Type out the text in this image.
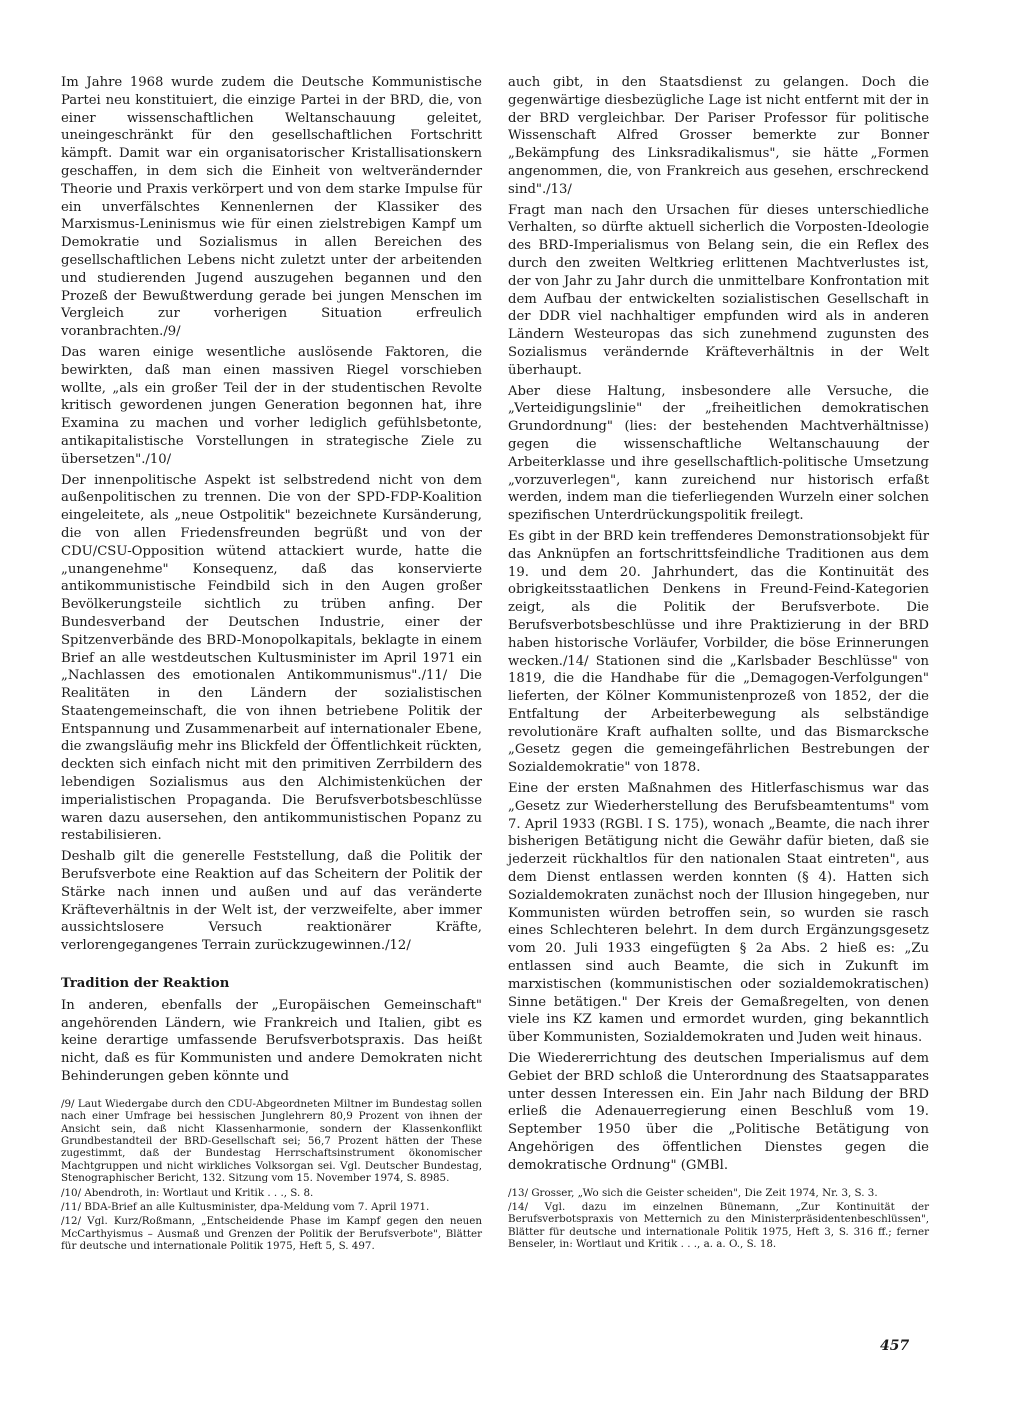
Im Jahre 1968 wurde zudem die Deutsche Kommunistische Partei neu konstituiert, die einzige Partei in der BRD, die, von einer wissenschaftlichen Weltanschauung geleitet, uneingeschränkt für den gesellschaftlichen Fortschritt kämpft. Damit war ein organisatorischer Kristallisationskern geschaffen, in dem sich die Einheit von weltverändernder Theorie und Praxis verkörpert und von dem starke Impulse für ein unverfälschtes Kennenlernen der Klassiker des Marxismus-Leninismus wie für einen zielstrebigen Kampf um Demokratie und Sozialismus in allen Bereichen des gesellschaftlichen Lebens nicht zuletzt unter der arbeitenden und studierenden Jugend auszugehen begannen und den Prozeß der Bewußtwerdung gerade bei jungen Menschen im Vergleich zur vorherigen Situation erfreulich voranbrachten./9/

Das waren einige wesentliche auslösende Faktoren, die bewirkten, daß man einen massiven Riegel vorschieben wollte, „als ein großer Teil der in der studentischen Revolte kritisch gewordenen jungen Generation begonnen hat, ihre Examina zu machen und vorher lediglich gefühlsbetonte, antikapitalistische Vorstellungen in strategische Ziele zu übersetzen"./10/

Der innenpolitische Aspekt ist selbstredend nicht von dem außenpolitischen zu trennen. Die von der SPD-FDP-Koalition eingeleitete, als „neue Ostpolitik" bezeichnete Kursänderung, die von allen Friedensfreunden begrüßt und von der CDU/CSU-Opposition wütend attackiert wurde, hatte die „unangenehme" Konsequenz, daß das konservierte antikommunistische Feindbild sich in den Augen großer Bevölkerungsteile sichtlich zu trüben anfing. Der Bundesverband der Deutschen Industrie, einer der Spitzenverbände des BRD-Monopolkapitals, beklagte in einem Brief an alle westdeutschen Kultusminister im April 1971 ein „Nachlassen des emotionalen Antikommunismus"./11/ Die Realitäten in den Ländern der sozialistischen Staatengemeinschaft, die von ihnen betriebene Politik der Entspannung und Zusammenarbeit auf internationaler Ebene, die zwangsläufig mehr ins Blickfeld der Öffentlichkeit rückten, deckten sich einfach nicht mit den primitiven Zerrbildern des lebendigen Sozialismus aus den Alchimistenküchen der imperialistischen Propaganda. Die Berufsverbotsbeschlüsse waren dazu ausersehen, den antikommunistischen Popanz zu restabilisieren.

Deshalb gilt die generelle Feststellung, daß die Politik der Berufsverbote eine Reaktion auf das Scheitern der Politik der Stärke nach innen und außen und auf das veränderte Kräfteverhältnis in der Welt ist, der verzweifelte, aber immer aussichtslosere Versuch reaktionärer Kräfte, verlorengegangenes Terrain zurückzugewinnen./12/

Tradition der Reaktion

In anderen, ebenfalls der „Europäischen Gemeinschaft" angehörenden Ländern, wie Frankreich und Italien, gibt es keine derartige umfassende Berufsverbotspraxis. Das heißt nicht, daß es für Kommunisten und andere Demokraten nicht Behinderungen geben könnte und

/9/ Laut Wiedergabe durch den CDU-Abgeordneten Miltner im Bundestag sollen nach einer Umfrage bei hessischen Junglehrern 80,9 Prozent von ihnen der Ansicht sein, daß nicht Klassenharmonie, sondern der Klassenkonflikt Grundbestandteil der BRD-Gesellschaft sei; 56,7 Prozent hätten der These zugestimmt, daß der Bundestag Herrschaftsinstrument ökonomischer Machtgruppen und nicht wirkliches Volksorgan sei. Vgl. Deutscher Bundestag, Stenographischer Bericht, 132. Sitzung vom 15. November 1974, S. 8985.

/10/ Abendroth, in: Wortlaut und Kritik . . ., S. 8.

/11/ BDA-Brief an alle Kultusminister, dpa-Meldung vom 7. April 1971.

/12/ Vgl. Kurz/Roßmann, „Entscheidende Phase im Kampf gegen den neuen McCarthyismus – Ausmaß und Grenzen der Politik der Berufsverbote", Blätter für deutsche und internationale Politik 1975, Heft 5, S. 497.

auch gibt, in den Staatsdienst zu gelangen. Doch die gegenwärtige diesbezügliche Lage ist nicht entfernt mit der in der BRD vergleichbar. Der Pariser Professor für politische Wissenschaft Alfred Grosser bemerkte zur Bonner „Bekämpfung des Linksradikalismus", sie hätte „Formen angenommen, die, von Frankreich aus gesehen, erschreckend sind"./13/

Fragt man nach den Ursachen für dieses unterschiedliche Verhalten, so dürfte aktuell sicherlich die Vorposten-Ideologie des BRD-Imperialismus von Belang sein, die ein Reflex des durch den zweiten Weltkrieg erlittenen Machtverlustes ist, der von Jahr zu Jahr durch die unmittelbare Konfrontation mit dem Aufbau der entwickelten sozialistischen Gesellschaft in der DDR viel nachhaltiger empfunden wird als in anderen Ländern Westeuropas das sich zunehmend zugunsten des Sozialismus verändernde Kräfteverhältnis in der Welt überhaupt.

Aber diese Haltung, insbesondere alle Versuche, die „Verteidigungslinie" der „freiheitlichen demokratischen Grundordnung" (lies: der bestehenden Machtverhältnisse) gegen die wissenschaftliche Weltanschauung der Arbeiterklasse und ihre gesellschaftlich-politische Umsetzung „vorzuverlegen", kann zureichend nur historisch erfaßt werden, indem man die tieferliegenden Wurzeln einer solchen spezifischen Unterdrückungspolitik freilegt.

Es gibt in der BRD kein treffenderes Demonstrationsobjekt für das Anknüpfen an fortschrittsfeindliche Traditionen aus dem 19. und dem 20. Jahrhundert, das die Kontinuität des obrigkeitsstaatlichen Denkens in Freund-Feind-Kategorien zeigt, als die Politik der Berufsverbote. Die Berufsverbotsbeschlüsse und ihre Praktizierung in der BRD haben historische Vorläufer, Vorbilder, die böse Erinnerungen wecken./14/ Stationen sind die „Karlsbader Beschlüsse" von 1819, die die Handhabe für die „Demagogen-Verfolgungen" lieferten, der Kölner Kommunistenprozeß von 1852, der die Entfaltung der Arbeiterbewegung als selbständige revolutionäre Kraft aufhalten sollte, und das Bismarcksche „Gesetz gegen die gemeingefährlichen Bestrebungen der Sozialdemokratie" von 1878.

Eine der ersten Maßnahmen des Hitlerfaschismus war das „Gesetz zur Wiederherstellung des Berufsbeamtentums" vom 7. April 1933 (RGBl. I S. 175), wonach „Beamte, die nach ihrer bisherigen Betätigung nicht die Gewähr dafür bieten, daß sie jederzeit rückhaltlos für den nationalen Staat eintreten", aus dem Dienst entlassen werden konnten (§ 4). Hatten sich Sozialdemokraten zunächst noch der Illusion hingegeben, nur Kommunisten würden betroffen sein, so wurden sie rasch eines Schlechteren belehrt. In dem durch Ergänzungsgesetz vom 20. Juli 1933 eingefügten § 2a Abs. 2 hieß es: „Zu entlassen sind auch Beamte, die sich in Zukunft im marxistischen (kommunistischen oder sozialdemokratischen) Sinne betätigen." Der Kreis der Gemaßregelten, von denen viele ins KZ kamen und ermordet wurden, ging bekanntlich über Kommunisten, Sozialdemokraten und Juden weit hinaus.

Die Wiedererrichtung des deutschen Imperialismus auf dem Gebiet der BRD schloß die Unterordnung des Staatsapparates unter dessen Interessen ein. Ein Jahr nach Bildung der BRD erließ die Adenauerregierung einen Beschluß vom 19. September 1950 über die „Politische Betätigung von Angehörigen des öffentlichen Dienstes gegen die demokratische Ordnung" (GMBl.

/13/ Grosser, „Wo sich die Geister scheiden", Die Zeit 1974, Nr. 3, S. 3.

/14/ Vgl. dazu im einzelnen Bünemann, „Zur Kontinuität der Berufsverbotspraxis von Metternich zu den Ministerpräsidentenbeschlüssen", Blätter für deutsche und internationale Politik 1975, Heft 3, S. 316 ff.; ferner Benseler, in: Wortlaut und Kritik . . ., a. a. O., S. 18.

457
